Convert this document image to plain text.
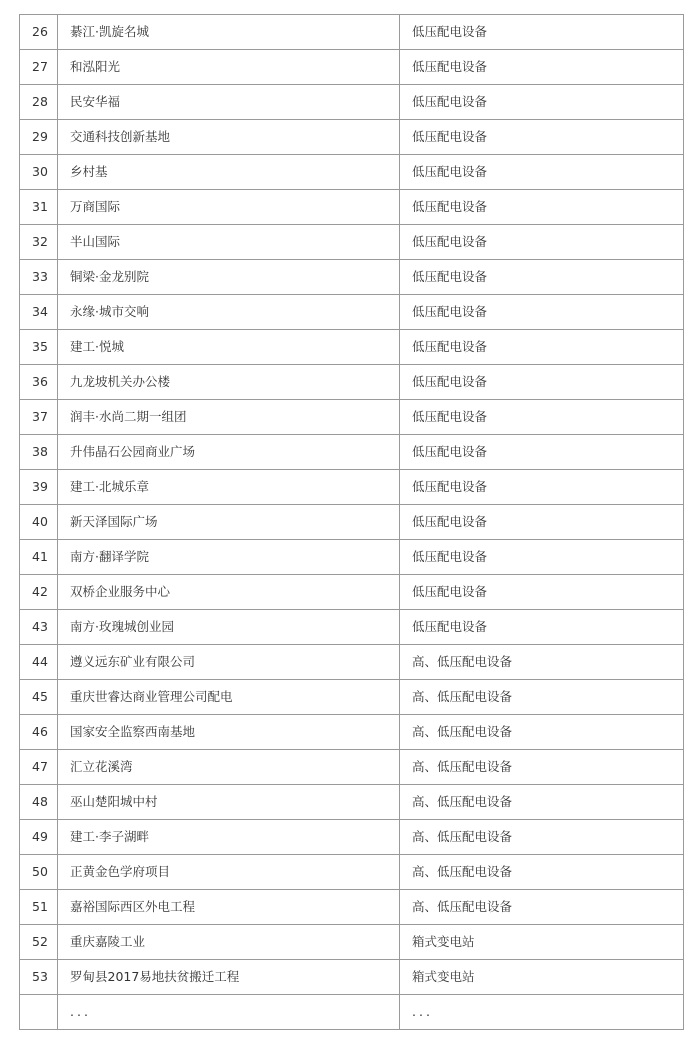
26	綦江·凯旋名城	低压配电设备
27	和泓阳光	低压配电设备
28	民安华福	低压配电设备
29	交通科技创新基地	低压配电设备
30	乡村基	低压配电设备
31	万商国际	低压配电设备
32	半山国际	低压配电设备
33	铜梁·金龙别院	低压配电设备
34	永缘·城市交响	低压配电设备
35	建工·悦城	低压配电设备
36	九龙坡机关办公楼	低压配电设备
37	润丰·水尚二期一组团	低压配电设备
38	升伟晶石公园商业广场	低压配电设备
39	建工·北城乐章	低压配电设备
40	新天泽国际广场	低压配电设备
41	南方·翻译学院	低压配电设备
42	双桥企业服务中心	低压配电设备
43	南方·玫瑰城创业园	低压配电设备
44	遵义远东矿业有限公司	高、低压配电设备
45	重庆世睿达商业管理公司配电	高、低压配电设备
46	国家安全监察西南基地	高、低压配电设备
47	汇立花溪湾	高、低压配电设备
48	巫山楚阳城中村	高、低压配电设备
49	建工·李子湖畔	高、低压配电设备
50	正黄金色学府项目	高、低压配电设备
51	嘉裕国际西区外电工程	高、低压配电设备
52	重庆嘉陵工业	箱式变电站
53	罗甸县2017易地扶贫搬迁工程	箱式变电站
	...	...
